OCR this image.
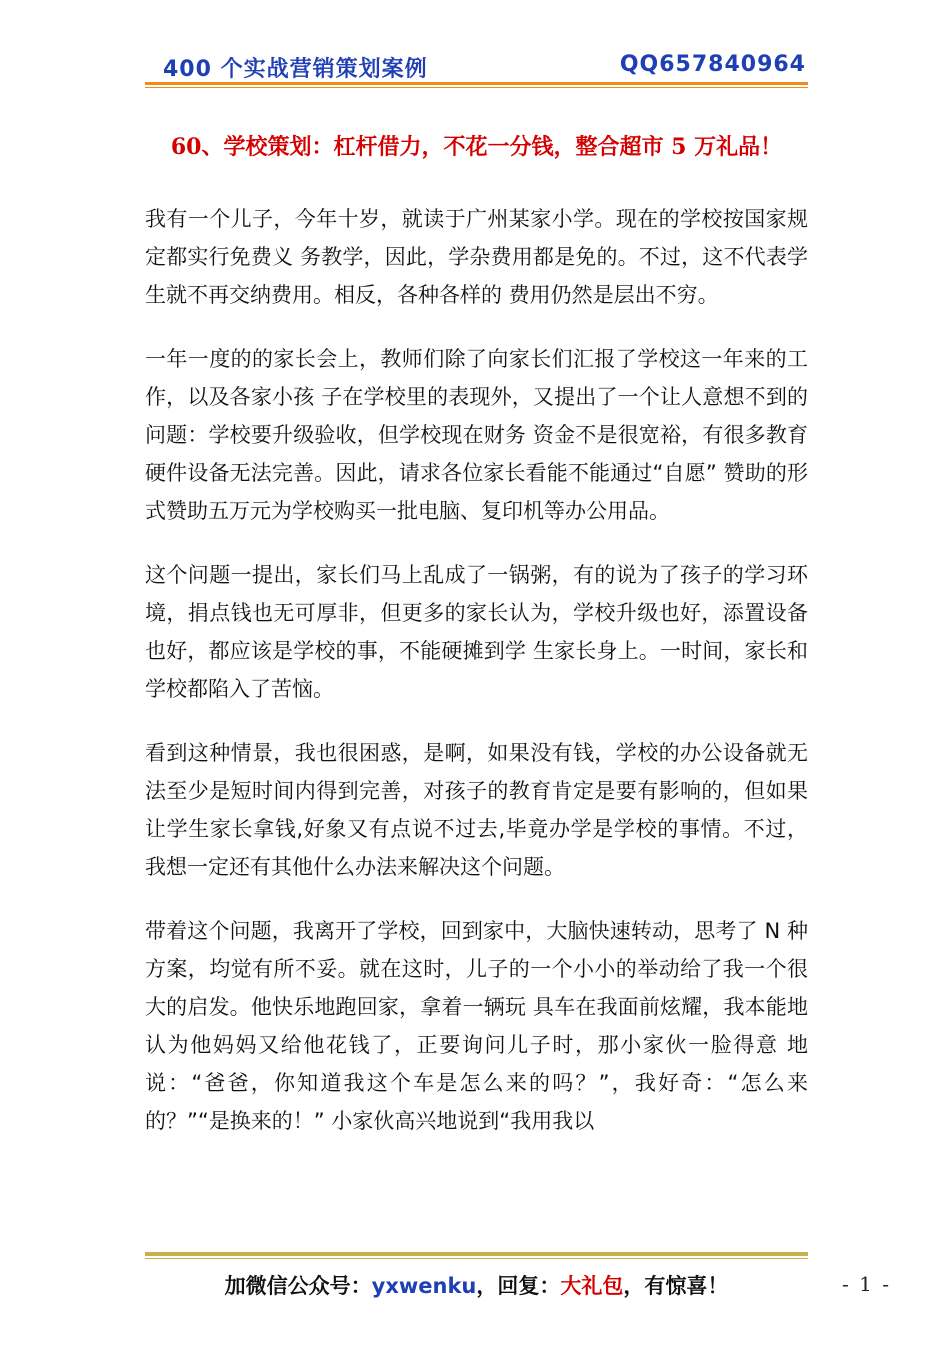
400 个实战营销策划案例	QQ657840964
60、学校策划：杠杆借力，不花一分钱，整合超市 5 万礼品！

我有一个儿子，今年十岁，就读于广州某家小学。现在的学校按国家规定都实行免费义 务教学，因此，学杂费用都是免的。不过，这不代表学生就不再交纳费用。相反，各种各样的 费用仍然是层出不穷。

一年一度的的家长会上，教师们除了向家长们汇报了学校这一年来的工作，以及各家小孩 子在学校里的表现外，又提出了一个让人意想不到的问题：学校要升级验收，但学校现在财务 资金不是很宽裕，有很多教育硬件设备无法完善。因此，请求各位家长看能不能通过“自愿” 赞助的形式赞助五万元为学校购买一批电脑、复印机等办公用品。

这个问题一提出，家长们马上乱成了一锅粥，有的说为了孩子的学习环境，捐点钱也无可厚非，但更多的家长认为，学校升级也好，添置设备也好，都应该是学校的事，不能硬摊到学 生家长身上。一时间，家长和学校都陷入了苦恼。

看到这种情景，我也很困惑，是啊，如果没有钱，学校的办公设备就无法至少是短时间内得到完善，对孩子的教育肯定是要有影响的，但如果让学生家长拿钱,好象又有点说不过去,毕竟办学是学校的事情。不过，我想一定还有其他什么办法来解决这个问题。

带着这个问题，我离开了学校，回到家中，大脑快速转动，思考了 N 种方案，均觉有所不妥。就在这时，儿子的一个小小的举动给了我一个很大的启发。他快乐地跑回家，拿着一辆玩 具车在我面前炫耀，我本能地认为他妈妈又给他花钱了，正要询问儿子时，那小家伙一脸得意 地说：“爸爸，你知道我这个车是怎么来的吗？”，我好奇：“怎么来的？”“是换来的！” 小家伙高兴地说到“我用我以

加微信公众号：yxwenku，回复：大礼包，有惊喜！	- 1 -
